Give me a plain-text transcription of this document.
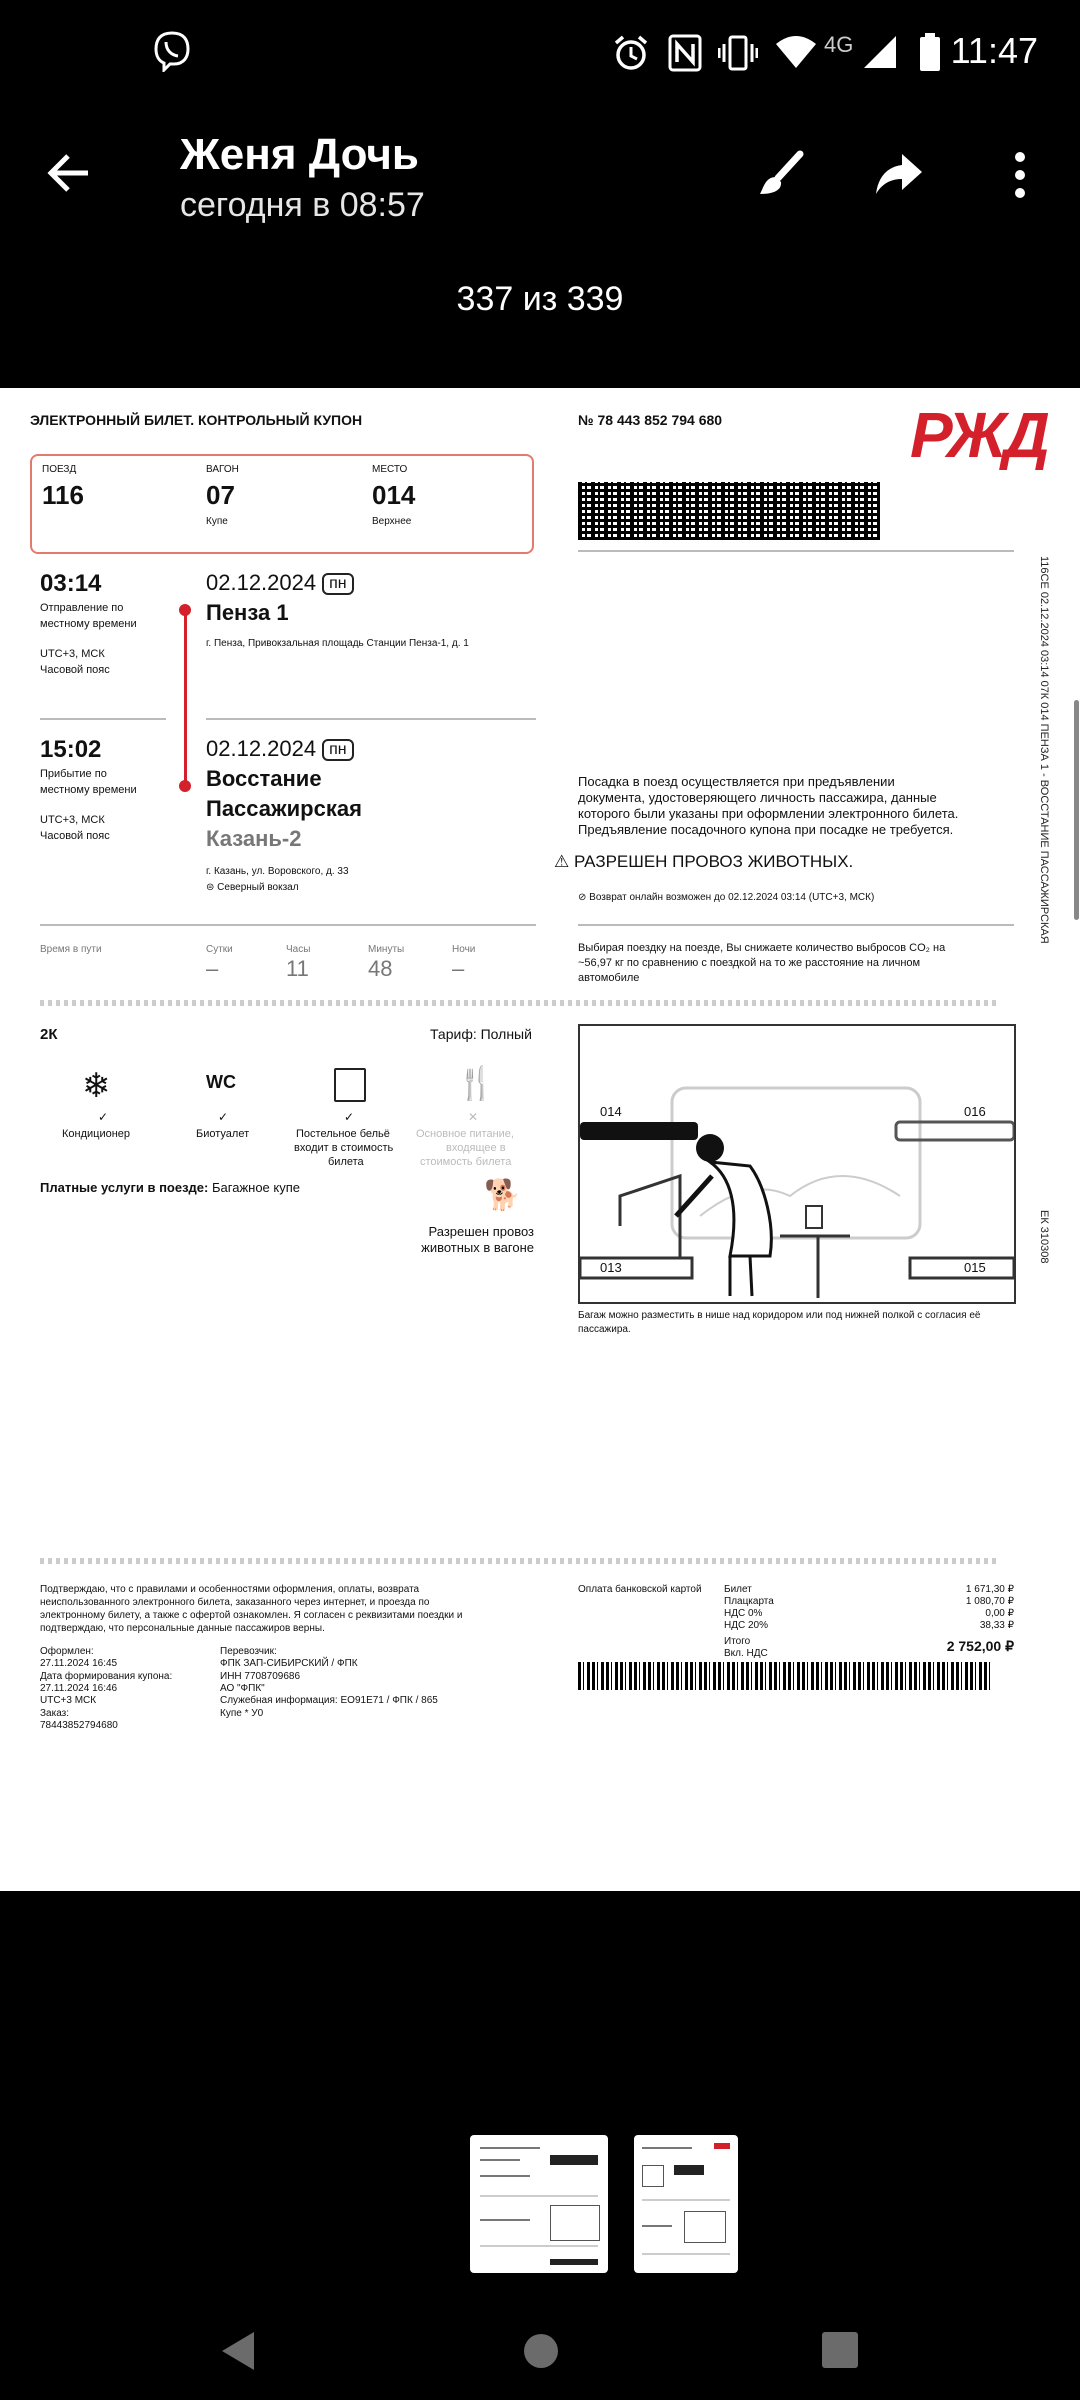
4G	11:47
Женя Дочь
сегодня в 08:57
337 из 339
ЭЛЕКТРОННЫЙ БИЛЕТ. КОНТРОЛЬНЫЙ КУПОН	№ 78 443 852 794 680	РЖД
ПОЕЗД
116
ВАГОН
07
Купе
МЕСТО
014
Верхнее
116СЕ 02.12.2024 03:14 07К 014 ПЕНЗА 1 - ВОССТАНИЕ ПАССАЖИРСКАЯ
ЕК 310308
03:14
Отправление по
местному времени
UTC+3, МСК
Часовой пояс
02.12.2024 пн
Пенза 1
г. Пенза, Привокзальная площадь Станции Пенза-1, д. 1
15:02
Прибытие по
местному времени
UTC+3, МСК
Часовой пояс
02.12.2024 пн
Восстание
Пассажирская
Казань-2
г. Казань, ул. Воровского, д. 33
⊜ Северный вокзал
Посадка в поезд осуществляется при предъявлении
документа, удостоверяющего личность пассажира, данные
которого были указаны при оформлении электронного билета.
Предъявление посадочного купона при посадке не требуется.
⚠ РАЗРЕШЕН ПРОВОЗ ЖИВОТНЫХ.
⊘ Возврат онлайн возможен до 02.12.2024 03:14 (UTC+3, МСК)
Время в пути	Сутки
–
Часы
11
Минуты
48
Ночи
–
Выбирая поездку на поезде, Вы снижаете количество выбросов CO₂ на
~56,97 кг по сравнению с поездкой на то же расстояние на личном
автомобиле
2К	Тариф: Полный
❄
✓
Кондиционер
WC
✓
Биотуалет
✓
Постельное бельё
входит в стоимость
билета
🍴
✕
Основное питание,
входящее в
стоимость билета
Платные услуги в поезде: Багажное купе	🐕
Разрешен провоз
животных в вагоне
014	016
013	015
Багаж можно разместить в нише над коридором или под нижней полкой с согласия её
пассажира.
Подтверждаю, что с правилами и особенностями оформления, оплаты, возврата
неиспользованного электронного билета, заказанного через интернет, и проезда по
электронному билету, а также с офертой ознакомлен. Я согласен с реквизитами поездки и
подтверждаю, что персональные данные пассажиров верны.
Оформлен:
27.11.2024 16:45
Дата формирования купона:
27.11.2024 16:46
UTC+3 МСК
Заказ:
78443852794680
Перевозчик:
ФПК ЗАП-СИБИРСКИЙ / ФПК
ИНН 7708709686
АО "ФПК"
Служебная информация: ЕО91Е71 / ФПК / 865
Купе * У0
Оплата банковской картой Билет	1 671,30 ₽
Плацкарта	1 080,70 ₽
НДС 0%	0,00 ₽
НДС 20%	38,33 ₽
Итого
Вкл. НДС	2 752,00 ₽
